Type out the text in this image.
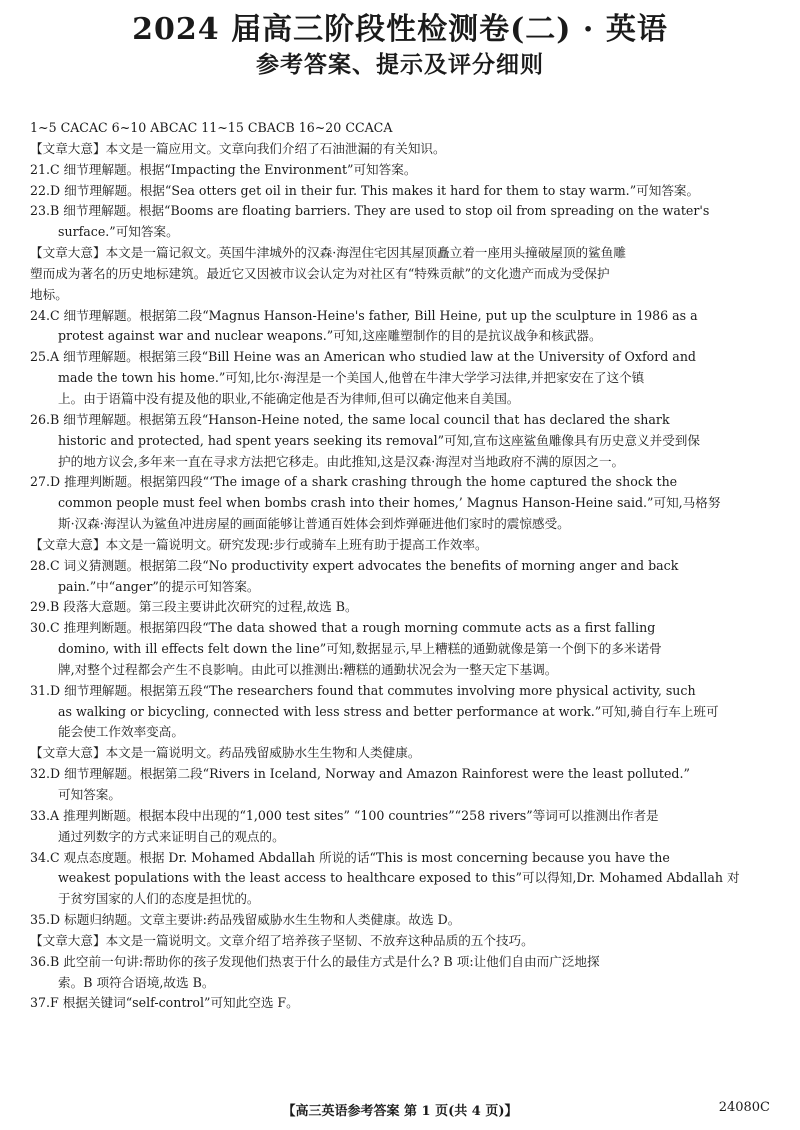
2024 届高三阶段性检测卷(二) · 英语
参考答案、提示及评分细则
1~5 CACAC 6~10 ABCAC 11~15 CBACB 16~20 CCACA
【文章大意】本文是一篇应用文。文章向我们介绍了石油泄漏的有关知识。
21.C 细节理解题。根据“Impacting the Environment”可知答案。
22.D 细节理解题。根据“Sea otters get oil in their fur. This makes it hard for them to stay warm.”可知答案。
23.B 细节理解题。根据“Booms are floating barriers. They are used to stop oil from spreading on the water's
surface.”可知答案。
【文章大意】本文是一篇记叙文。英国牛津城外的汉森·海涅住宅因其屋顶矗立着一座用头撞破屋顶的鲨鱼雕
塑而成为著名的历史地标建筑。最近它又因被市议会认定为对社区有“特殊贡献”的文化遗产而成为受保护
地标。
24.C 细节理解题。根据第二段“Magnus Hanson-Heine's father, Bill Heine, put up the sculpture in 1986 as a
protest against war and nuclear weapons.”可知,这座雕塑制作的目的是抗议战争和核武器。
25.A 细节理解题。根据第三段“Bill Heine was an American who studied law at the University of Oxford and
made the town his home.”可知,比尔·海涅是一个美国人,他曾在牛津大学学习法律,并把家安在了这个镇
上。由于语篇中没有提及他的职业,不能确定他是否为律师,但可以确定他来自美国。
26.B 细节理解题。根据第五段“Hanson-Heine noted, the same local council that has declared the shark
historic and protected, had spent years seeking its removal”可知,宣布这座鲨鱼雕像具有历史意义并受到保
护的地方议会,多年来一直在寻求方法把它移走。由此推知,这是汉森·海涅对当地政府不满的原因之一。
27.D 推理判断题。根据第四段“‘The image of a shark crashing through the home captured the shock the
common people must feel when bombs crash into their homes,’ Magnus Hanson-Heine said.”可知,马格努
斯·汉森·海涅认为鲨鱼冲进房屋的画面能够让普通百姓体会到炸弹砸进他们家时的震惊感受。
【文章大意】本文是一篇说明文。研究发现:步行或骑车上班有助于提高工作效率。
28.C 词义猜测题。根据第二段“No productivity expert advocates the benefits of morning anger and back
pain.”中“anger”的提示可知答案。
29.B 段落大意题。第三段主要讲此次研究的过程,故选 B。
30.C 推理判断题。根据第四段“The data showed that a rough morning commute acts as a first falling
domino, with ill effects felt down the line”可知,数据显示,早上糟糕的通勤就像是第一个倒下的多米诺骨
牌,对整个过程都会产生不良影响。由此可以推测出:糟糕的通勤状况会为一整天定下基调。
31.D 细节理解题。根据第五段“The researchers found that commutes involving more physical activity, such
as walking or bicycling, connected with less stress and better performance at work.”可知,骑自行车上班可
能会使工作效率变高。
【文章大意】本文是一篇说明文。药品残留威胁水生生物和人类健康。
32.D 细节理解题。根据第二段“Rivers in Iceland, Norway and Amazon Rainforest were the least polluted.”
可知答案。
33.A 推理判断题。根据本段中出现的“1,000 test sites” “100 countries”“258 rivers”等词可以推测出作者是
通过列数字的方式来证明自己的观点的。
34.C 观点态度题。根据 Dr. Mohamed Abdallah 所说的话“This is most concerning because you have the
weakest populations with the least access to healthcare exposed to this”可以得知,Dr. Mohamed Abdallah 对
于贫穷国家的人们的态度是担忧的。
35.D 标题归纳题。文章主要讲:药品残留威胁水生生物和人类健康。故选 D。
【文章大意】本文是一篇说明文。文章介绍了培养孩子坚韧、不放弃这种品质的五个技巧。
36.B 此空前一句讲:帮助你的孩子发现他们热衷于什么的最佳方式是什么? B 项:让他们自由而广泛地探
索。B 项符合语境,故选 B。
37.F 根据关键词“self-control”可知此空选 F。
【高三英语参考答案 第 1 页(共 4 页)】	24080C
